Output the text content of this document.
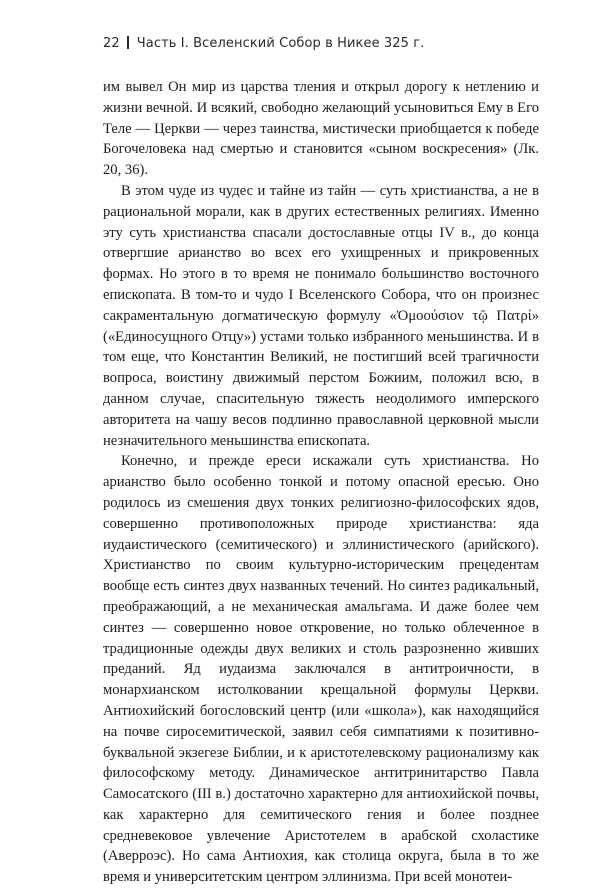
22 Часть I. Вселенский Собор в Никее 325 г.

им вывел Он мир из царства тления и открыл дорогу к нетлению и жизни вечной. И всякий, свободно желающий усыновиться Ему в Его Теле — Церкви — через таинства, мистически приобщается к победе Богочеловека над смертью и становится «сыном воскресения» (Лк. 20, 36).

В этом чуде из чудес и тайне из тайн — суть христианства, а не в рациональной морали, как в других естественных религиях. Именно эту суть христианства спасали достославные отцы IV в., до конца отвергшие арианство во всех его ухищренных и прикровенных формах. Но этого в то время не понимало большинство восточного епископата. В том-то и чудо I Вселенского Собора, что он произнес сакраментальную догматическую формулу «Ὁμοούσιον τῷ Πατρί» («Единосущного Отцу») устами только избранного меньшинства. И в том еще, что Константин Великий, не постигший всей трагичности вопроса, воистину движимый перстом Божиим, положил всю, в данном случае, спасительную тяжесть неодолимого имперского авторитета на чашу весов подлинно православной церковной мысли незначительного меньшинства епископата.

Конечно, и прежде ереси искажали суть христианства. Но арианство было особенно тонкой и потому опасной ересью. Оно родилось из смешения двух тонких религиозно-философских ядов, совершенно противоположных природе христианства: яда иудаистического (семитического) и эллинистического (арийского). Христианство по своим культурно-историческим прецедентам вообще есть синтез двух названных течений. Но синтез радикальный, преображающий, а не механическая амальгама. И даже более чем синтез — совершенно новое откровение, но только облеченное в традиционные одежды двух великих и столь разрозненно живших преданий. Яд иудаизма заключался в антитроичности, в монархианском истолковании крещальной формулы Церкви. Антиохийский богословский центр (или «школа»), как находящийся на почве сиросемитической, заявил себя симпатиями к позитивно-буквальной экзегезе Библии, и к аристотелевскому рационализму как философскому методу. Динамическое антитринитарство Павла Самосатского (III в.) достаточно характерно для антиохийской почвы, как характерно для семитического гения и более позднее средневековое увлечение Аристотелем в арабской схоластике (Аверроэс). Но сама Антиохия, как столица округа, была в то же время и университетским центром эллинизма. При всей монотеи-
